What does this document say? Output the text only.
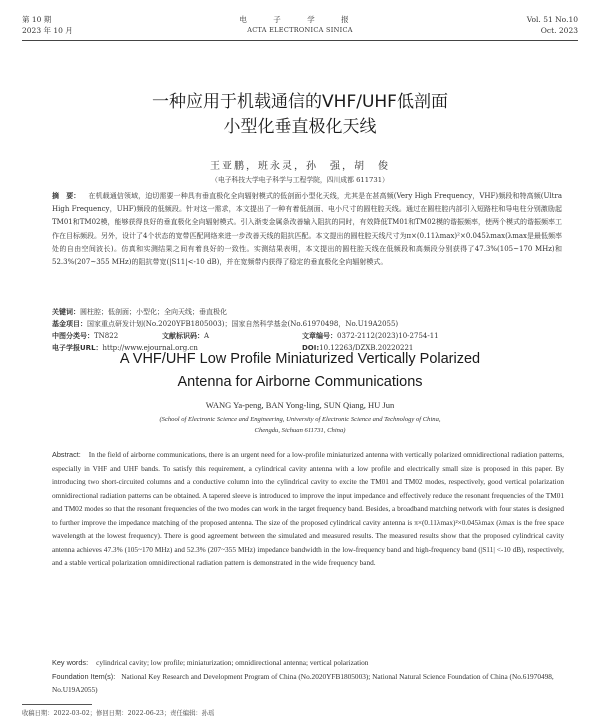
第 10 期
2023 年 10 月
电 子 学 报
ACTA ELECTRONICA SINICA
Vol. 51 No.10
Oct. 2023
一种应用于机载通信的VHF/UHF低剖面
小型化垂直极化天线
王亚鹏，班永灵，孙　强，胡　俊
（电子科技大学电子科学与工程学院，四川成都 611731）
摘　要： 在机载通信领域，迫切需要一种具有垂直极化全向辐射模式的低剖面小型化天线，尤其是在甚高频(Very High Frequency，VHF)频段和特高频(Ultra High Frequency，UHF)频段的低频段。针对这一需求，本文提出了一种有着低剖面、电小尺寸的圆柱腔天线。通过在圆柱腔内部引入短路柱和导电柱分别激励起TM01和TM02模，能够获得良好的垂直极化全向辐射模式。引入渐变金属条改善输入阻抗的同时，有效降低TM01和TM02模的谐振频率，使两个模式的谐振频率工作在目标频段。另外，设计了4个状态的宽带匹配网络来进一步改善天线的阻抗匹配。本文提出的圆柱腔天线尺寸为π×(0.11λmax)²×0.045λmax(λmax是最低频率处的自由空间波长)。仿真和实测结果之间有着良好的一致性。实测结果表明，本文提出的圆柱腔天线在低频段和高频段分别获得了47.3%(105~170 MHz)和52.3%(207~355 MHz)的阻抗带宽(|S11|<-10 dB)，并在宽频带内获得了稳定的垂直极化全向辐射模式。
关键词：圆柱腔；低剖面；小型化；全向天线；垂直极化
基金项目：国家重点研发计划(No.2020YFB1805003)；国家自然科学基金(No.61970498，No.U19A2055)
中图分类号：TN822	文献标识码：A	文章编号：0372-2112(2023)10-2754-11
电子学报URL：http://www.ejournal.org.cn	DOI:10.12263/DZXB.20220221
A VHF/UHF Low Profile Miniaturized Vertically Polarized
Antenna for Airborne Communications
WANG Ya-peng, BAN Yong-ling, SUN Qiang, HU Jun
(School of Electronic Science and Engineering, University of Electronic Science and Technology of China,
Chengdu, Sichuan 611731, China)
Abstract: In the field of airborne communications, there is an urgent need for a low-profile miniaturized antenna with vertically polarized omnidirectional radiation patterns, especially in VHF and UHF bands. To satisfy this requirement, a cylindrical cavity antenna with a low profile and electrically small size is proposed in this paper. By introducing two short-circuited columns and a conductive column into the cylindrical cavity to excite the TM01 and TM02 modes, respectively, good vertical polarization omnidirectional radiation patterns can be obtained. A tapered sleeve is introduced to improve the input impedance and effectively reduce the resonant frequencies of the TM01 and TM02 modes so that the resonant frequencies of the two modes can work in the target frequency band. Besides, a broadband matching network with four states is designed to further improve the impedance matching of the proposed antenna. The size of the proposed cylindrical cavity antenna is π×(0.11λmax)²×0.045λmax (λmax is the free space wavelength at the lowest frequency). There is good agreement between the simulated and measured results. The measured results show that the proposed cylindrical cavity antenna achieves 47.3% (105~170 MHz) and 52.3% (207~355 MHz) impedance bandwidth in the low-frequency band and high-frequency band (|S11| <-10 dB), respectively, and a stable vertical polarization omnidirectional radiation pattern is demonstrated in the wide frequency band.
Key words: cylindrical cavity; low profile; miniaturization; omnidirectional antenna; vertical polarization
Foundation Item(s): National Key Research and Development Program of China (No.2020YFB1805003); National Natural Science Foundation of China (No.61970498, No.U19A2055)
收稿日期：2022-03-02；修回日期：2022-06-23；责任编辑：孙瑶
